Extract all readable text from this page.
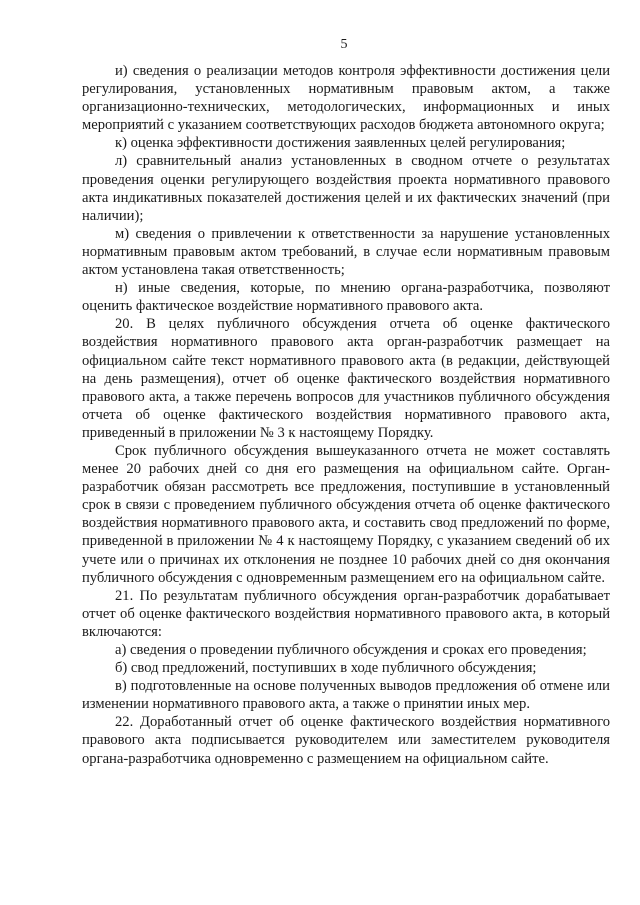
5

и) сведения о реализации методов контроля эффективности достижения цели регулирования, установленных нормативным правовым актом, а также организационно-технических, методологических, информационных и иных мероприятий с указанием соответствующих расходов бюджета автономного округа;

к) оценка эффективности достижения заявленных целей регулирования;

л) сравнительный анализ установленных в сводном отчете о результатах проведения оценки регулирующего воздействия проекта нормативного правового акта индикативных показателей достижения целей и их фактических значений (при наличии);

м) сведения о привлечении к ответственности за нарушение установленных нормативным правовым актом требований, в случае если нормативным правовым актом установлена такая ответственность;

н) иные сведения, которые, по мнению органа-разработчика, позволяют оценить фактическое воздействие нормативного правового акта.

20. В целях публичного обсуждения отчета об оценке фактического воздействия нормативного правового акта орган-разработчик размещает на официальном сайте текст нормативного правового акта (в редакции, действующей на день размещения), отчет об оценке фактического воздействия нормативного правового акта, а также перечень вопросов для участников публичного обсуждения отчета об оценке фактического воздействия нормативного правового акта, приведенный в приложении № 3 к настоящему Порядку.

Срок публичного обсуждения вышеуказанного отчета не может составлять менее 20 рабочих дней со дня его размещения на официальном сайте. Орган-разработчик обязан рассмотреть все предложения, поступившие в установленный срок в связи с проведением публичного обсуждения отчета об оценке фактического воздействия нормативного правового акта, и составить свод предложений по форме, приведенной в приложении № 4 к настоящему Порядку, с указанием сведений об их учете или о причинах их отклонения не позднее 10 рабочих дней со дня окончания публичного обсуждения с одновременным размещением его на официальном сайте.

21. По результатам публичного обсуждения орган-разработчик дорабатывает отчет об оценке фактического воздействия нормативного правового акта, в который включаются:

а) сведения о проведении публичного обсуждения и сроках его проведения;

б) свод предложений, поступивших в ходе публичного обсуждения;

в) подготовленные на основе полученных выводов предложения об отмене или изменении нормативного правового акта, а также о принятии иных мер.

22. Доработанный отчет об оценке фактического воздействия нормативного правового акта подписывается руководителем или заместителем руководителя органа-разработчика одновременно с размещением на официальном сайте.
